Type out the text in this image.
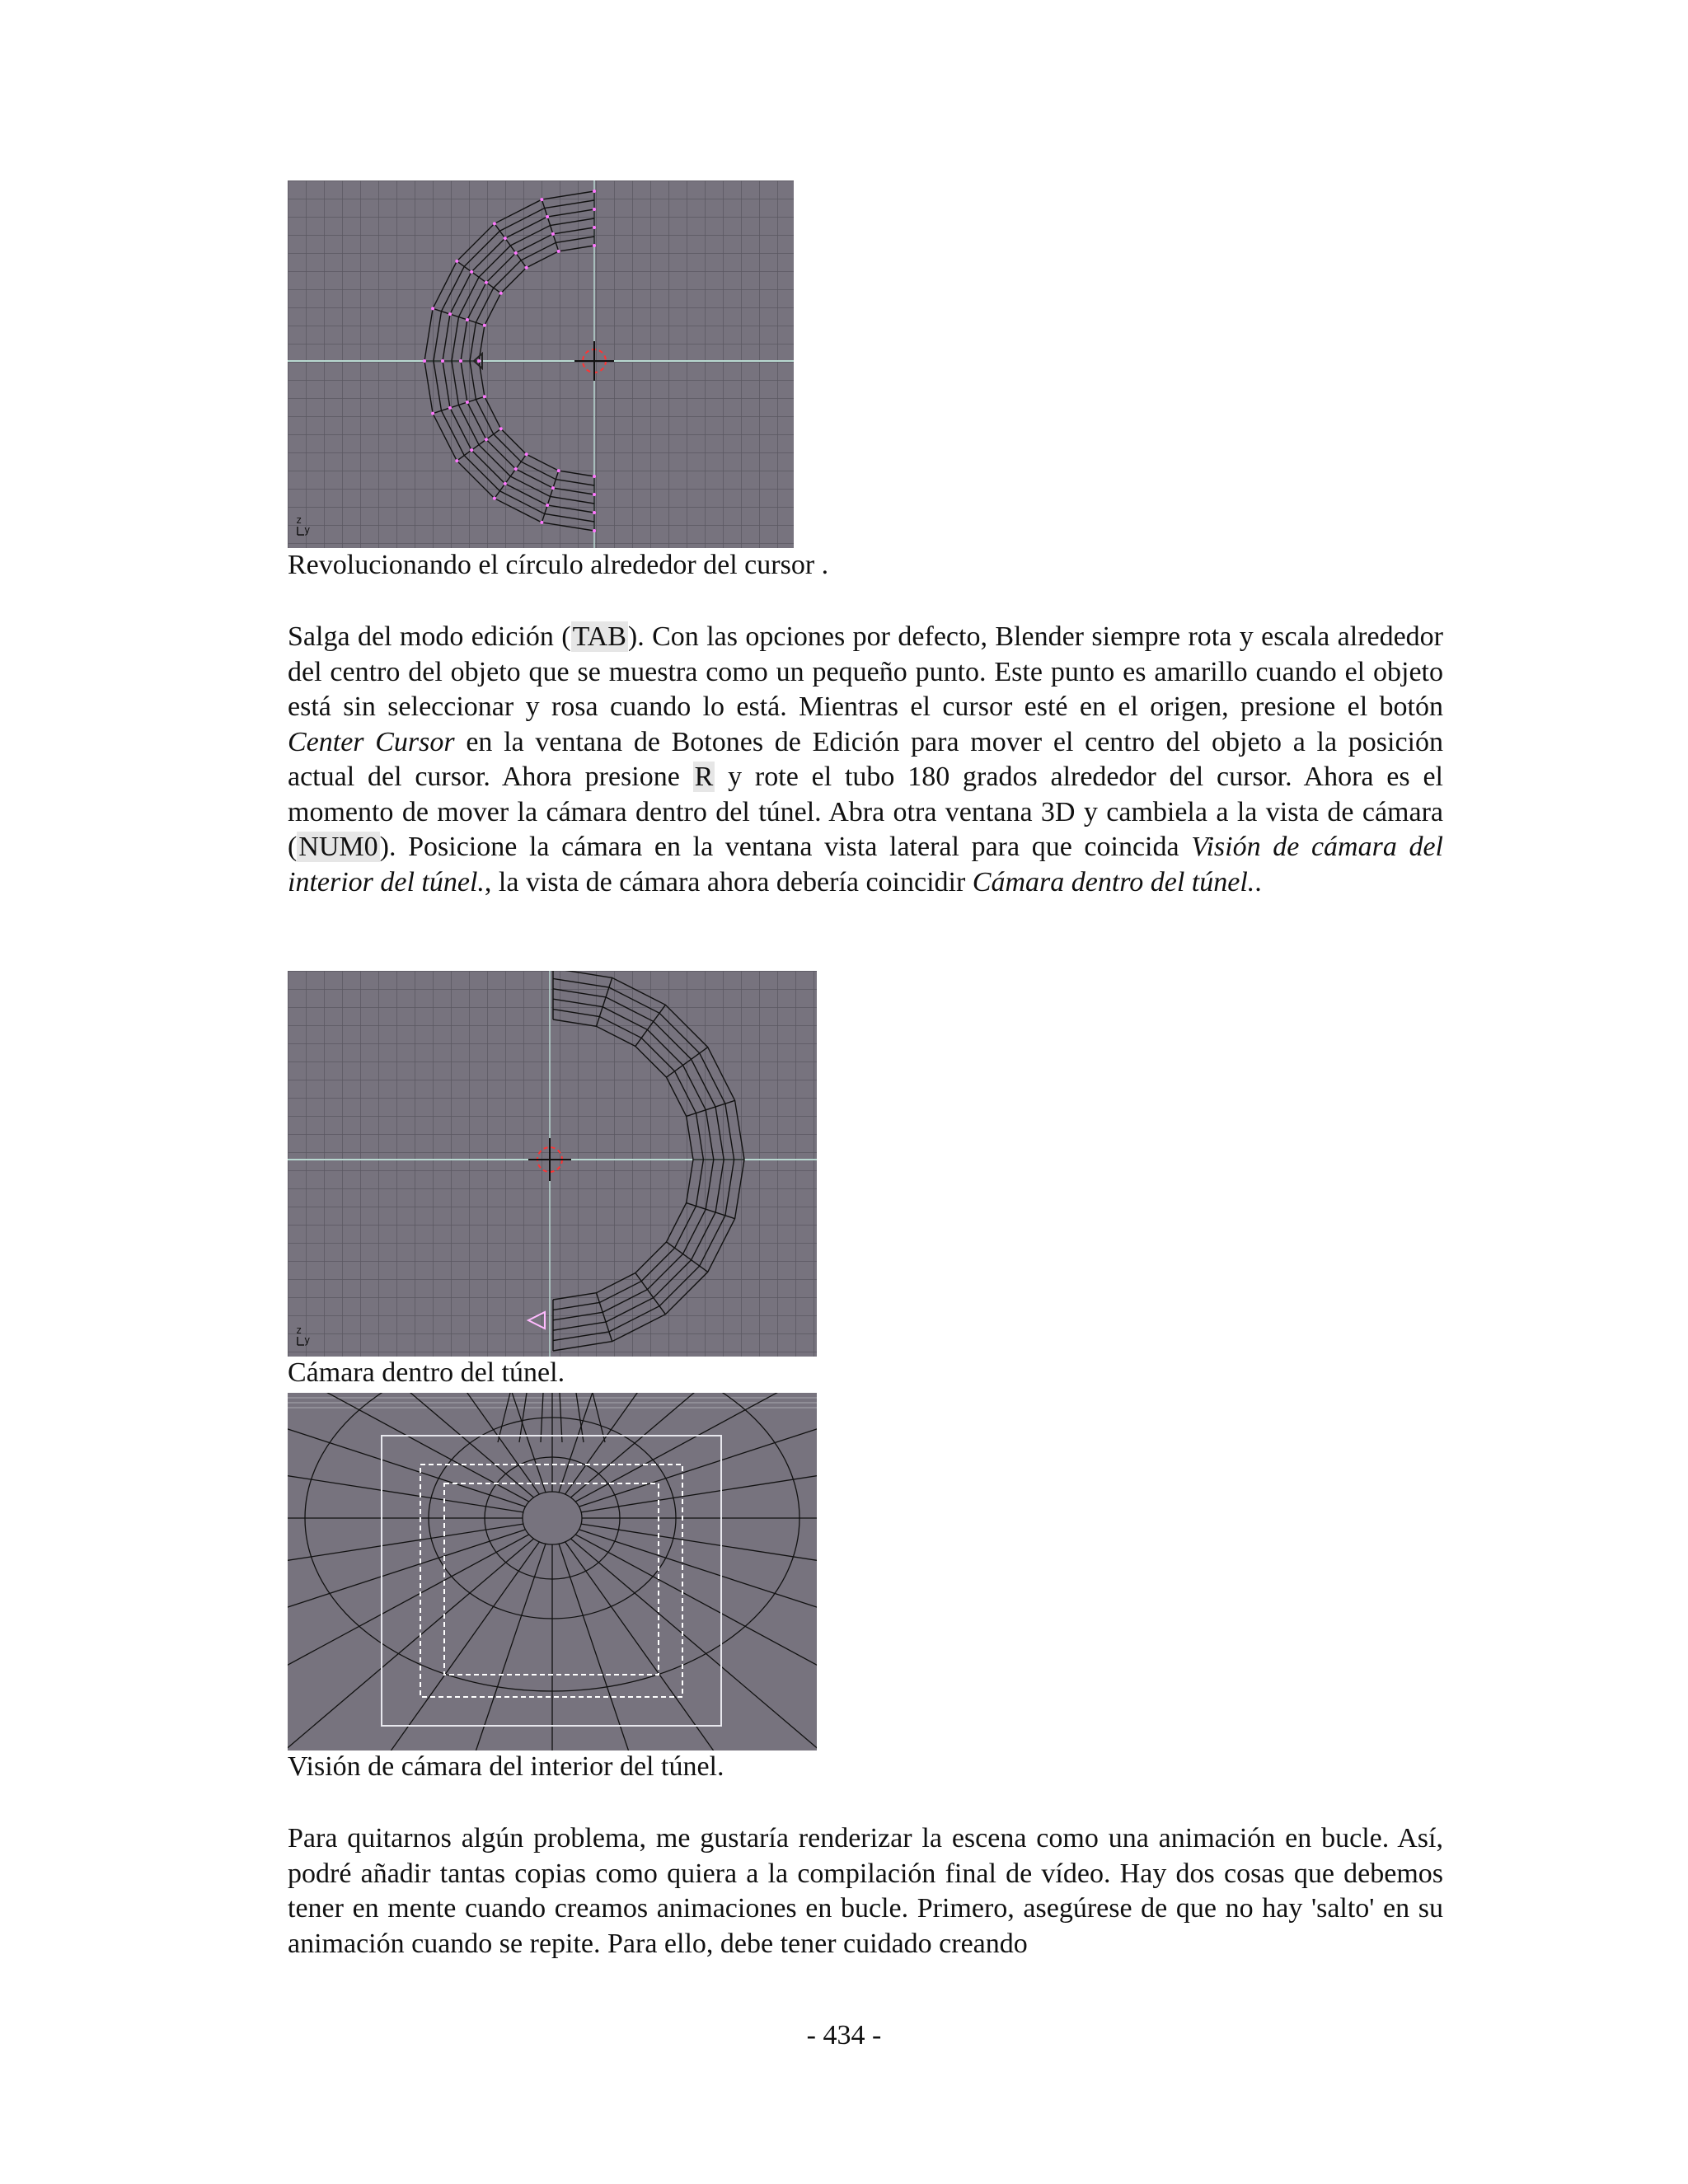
z
y

Revolucionando el círculo alrededor del cursor .

Salga del modo edición (TAB). Con las opciones por defecto, Blender siempre rota y escala alrededor del centro del objeto que se muestra como un pequeño punto. Este punto es amarillo cuando el objeto está sin seleccionar y rosa cuando lo está. Mientras el cursor esté en el origen, presione el botón Center Cursor en la ventana de Botones de Edición para mover el centro del objeto a la posición actual del cursor. Ahora presione R y rote el tubo 180 grados alrededor del cursor. Ahora es el momento de mover la cámara dentro del túnel. Abra otra ventana 3D y cambiela a la vista de cámara (NUM0). Posicione la cámara en la ventana vista lateral para que coincida Visión de cámara del interior del túnel., la vista de cámara ahora debería coincidir Cámara dentro del túnel..

z
y

Cámara dentro del túnel.

Visión de cámara del interior del túnel.

Para quitarnos algún problema, me gustaría renderizar la escena como una animación en bucle. Así, podré añadir tantas copias como quiera a la compilación final de vídeo. Hay dos cosas que debemos tener en mente cuando creamos animaciones en bucle. Primero, asegúrese de que no hay 'salto' en su animación cuando se repite. Para ello, debe tener cuidado creando

- 434 -
